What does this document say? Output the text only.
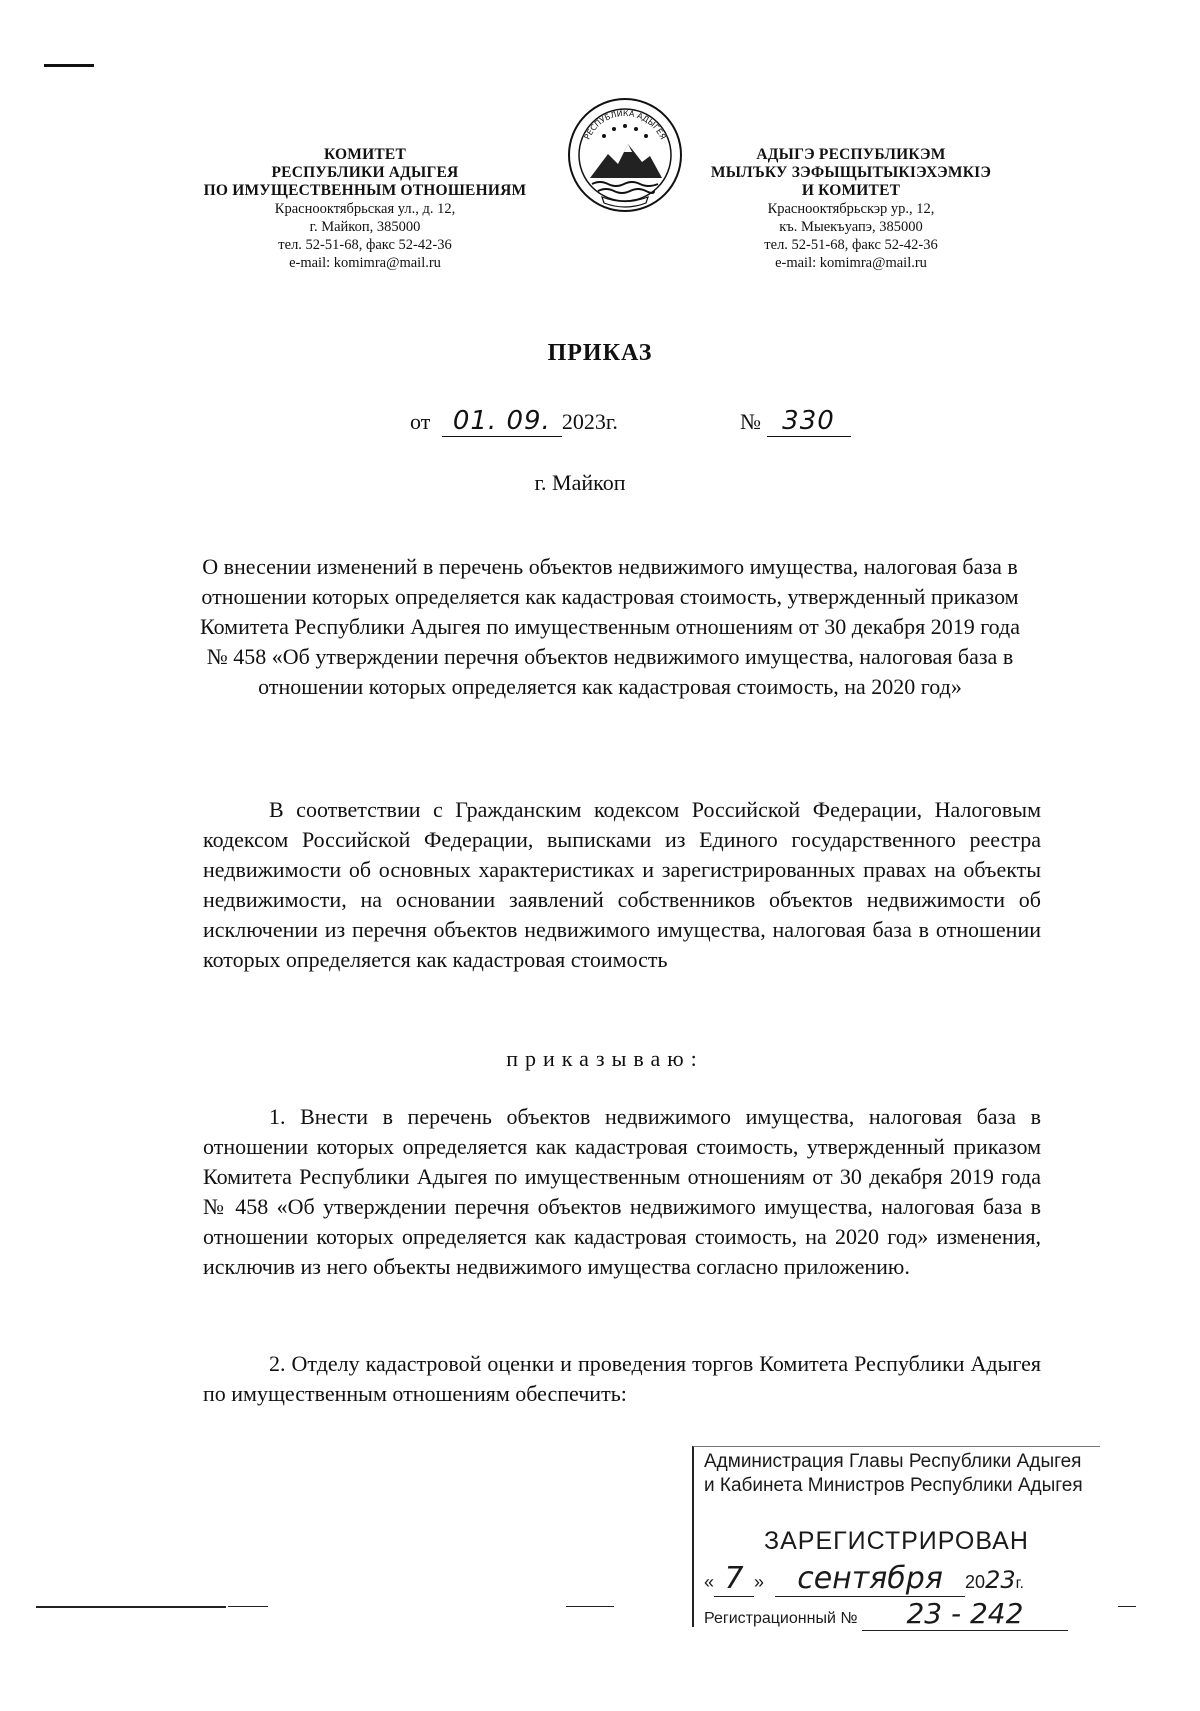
КОМИТЕТ
РЕСПУБЛИКИ АДЫГЕЯ
ПО ИМУЩЕСТВЕННЫМ ОТНОШЕНИЯМ
Краснооктябрьская ул., д. 12,
г. Майкоп, 385000
тел. 52-51-68, факс 52-42-36
e-mail: komimra@mail.ru
РЕСПУБЛИКА АДЫГЕЯ
АДЫГЭ РЕСПУБЛИКЭМ
МЫЛЪКУ ЗЭФЫЩЫТЫКІЭХЭМКІЭ
И КОМИТЕТ
Краснооктябрьскэр ур., 12,
къ. Мыекъуапэ, 385000
тел. 52-51-68, факс 52-42-36
e-mail: komimra@mail.ru
ПРИКАЗ
от 01. 09. 2023г.	№ 330
г. Майкоп
О внесении изменений в перечень объектов недвижимого имущества, налоговая база в отношении которых определяется как кадастровая стоимость, утвержденный приказом Комитета Республики Адыгея по имущественным отношениям от 30 декабря 2019 года № 458 «Об утверждении перечня объектов недвижимого имущества, налоговая база в отношении которых определяется как кадастровая стоимость, на 2020 год»
В соответствии с Гражданским кодексом Российской Федерации, Налоговым кодексом Российской Федерации, выписками из Единого государственного реестра недвижимости об основных характеристиках и зарегистрированных правах на объекты недвижимости, на основании заявлений собственников объектов недвижимости об исключении из перечня объектов недвижимого имущества, налоговая база в отношении которых определяется как кадастровая стоимость
приказываю:
1. Внести в перечень объектов недвижимого имущества, налоговая база в отношении которых определяется как кадастровая стоимость, утвержденный приказом Комитета Республики Адыгея по имущественным отношениям от 30 декабря 2019 года № 458 «Об утверждении перечня объектов недвижимого имущества, налоговая база в отношении которых определяется как кадастровая стоимость, на 2020 год» изменения, исключив из него объекты недвижимого имущества согласно приложению.
2. Отделу кадастровой оценки и проведения торгов Комитета Республики Адыгея по имущественным отношениям обеспечить:
Администрация Главы Республики Адыгея
и Кабинета Министров Республики Адыгея
ЗАРЕГИСТРИРОВАН
« 7 » сентября 2023г.
Регистрационный № 23 - 242
